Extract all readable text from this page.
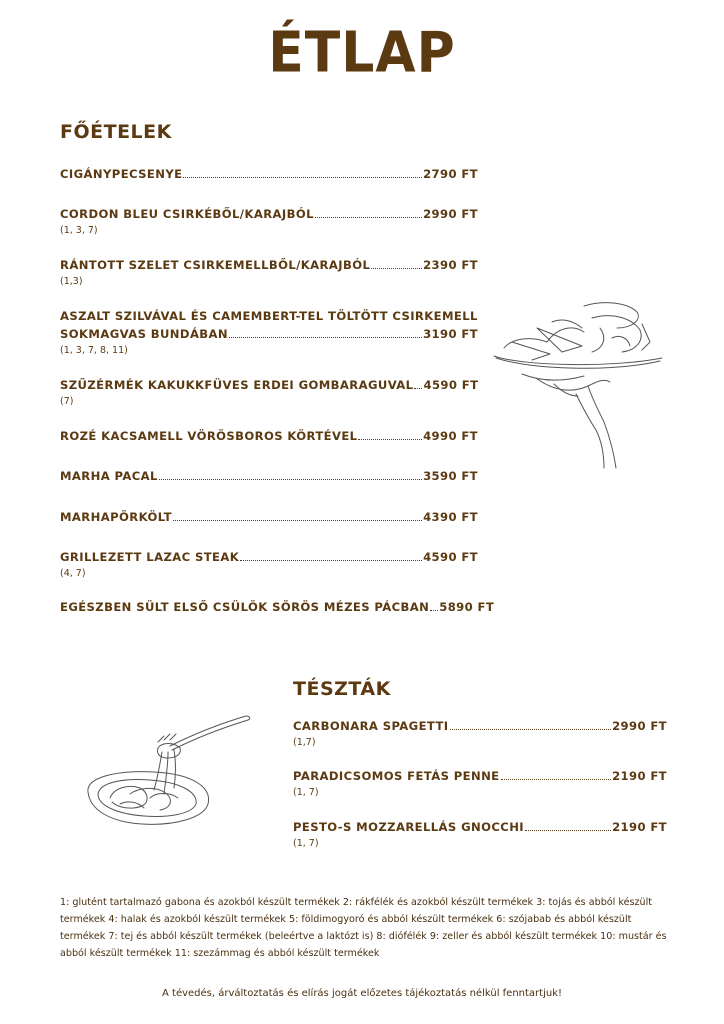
ÉTLAP
FŐÉTELEK
CIGÁNYPECSENYE	2790 FT
CORDON BLEU CSIRKÉBŐL/KARAJBÓL	2990 FT
(1, 3, 7)
RÁNTOTT SZELET CSIRKEMELLBŐL/KARAJBÓL	2390 FT
(1,3)
ASZALT SZILVÁVAL ÉS CAMEMBERT-TEL TÖLTÖTT CSIRKEMELL
SOKMAGVAS BUNDÁBAN	3190 FT
(1, 3, 7, 8, 11)
SZŰZÉRMÉK KAKUKKFÜVES ERDEI GOMBARAGUVAL 4590 FT
(7)
ROZÉ KACSAMELL VÖRÖSBOROS KÖRTÉVEL	4990 FT
MARHA PACAL	3590 FT
MARHAPÖRKÖLT	4390 FT
GRILLEZETT LAZAC STEAK	4590 FT
(4, 7)
EGÉSZBEN SÜLT ELSŐ CSÜLÖK SÖRÖS MÉZES PÁCBAN 5890 FT
TÉSZTÁK
CARBONARA SPAGETTI	2990 FT
(1,7)
PARADICSOMOS FETÁS PENNE	2190 FT
(1, 7)
PESTO-S MOZZARELLÁS GNOCCHI	2190 FT
(1, 7)
1: glutént tartalmazó gabona és azokból készült termékek 2: rákfélék és azokból készült termékek 3: tojás és abból készült termékek 4: halak és azokból készült termékek 5: földimogyoró és abból készült termékek 6: szójabab és abból készült termékek 7: tej és abból készült termékek (beleértve a laktózt is) 8: diófélék 9: zeller és abból készült termékek 10: mustár és abból készült termékek 11: szezámmag és abból készült termékek
A tévedés, árváltoztatás és elírás jogát előzetes tájékoztatás nélkül fenntartjuk!
